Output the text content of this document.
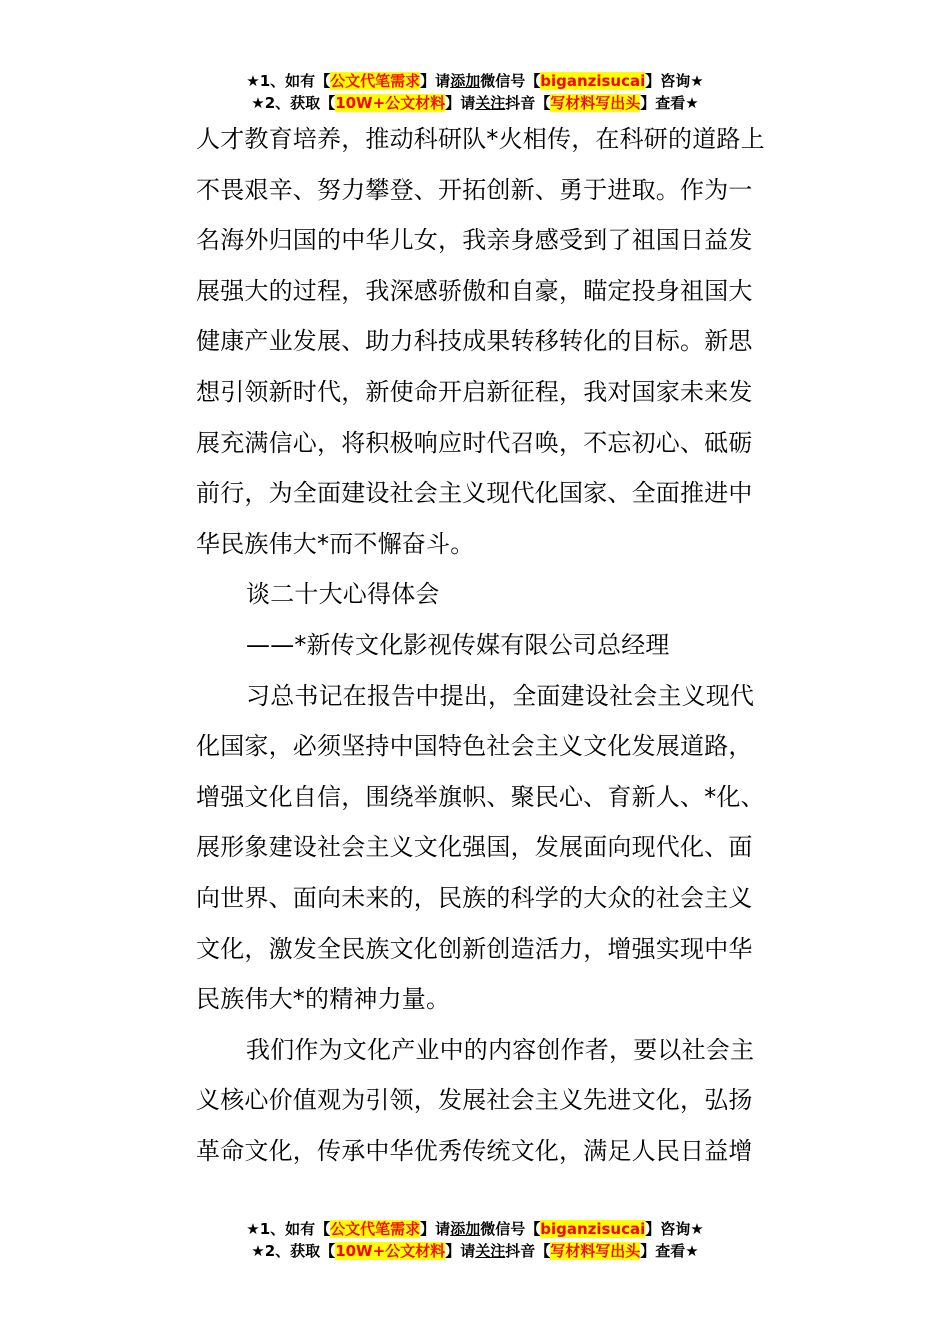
★1、如有【公文代笔需求】请添加微信号【biganzisucai】咨询★
★2、获取【10W+公文材料】请关注抖音【写材料写出头】查看★

人才教育培养，推动科研队*火相传，在科研的道路上
不畏艰辛、努力攀登、开拓创新、勇于进取。作为一
名海外归国的中华儿女，我亲身感受到了祖国日益发
展强大的过程，我深感骄傲和自豪，瞄定投身祖国大
健康产业发展、助力科技成果转移转化的目标。新思
想引领新时代，新使命开启新征程，我对国家未来发
展充满信心，将积极响应时代召唤，不忘初心、砥砺
前行，为全面建设社会主义现代化国家、全面推进中
华民族伟大*而不懈奋斗。

谈二十大心得体会

——*新传文化影视传媒有限公司总经理

习总书记在报告中提出，全面建设社会主义现代
化国家，必须坚持中国特色社会主义文化发展道路，
增强文化自信，围绕举旗帜、聚民心、育新人、*化、
展形象建设社会主义文化强国，发展面向现代化、面
向世界、面向未来的，民族的科学的大众的社会主义
文化，激发全民族文化创新创造活力，增强实现中华
民族伟大*的精神力量。

我们作为文化产业中的内容创作者，要以社会主
义核心价值观为引领，发展社会主义先进文化，弘扬
革命文化，传承中华优秀传统文化，满足人民日益增

★1、如有【公文代笔需求】请添加微信号【biganzisucai】咨询★
★2、获取【10W+公文材料】请关注抖音【写材料写出头】查看★
